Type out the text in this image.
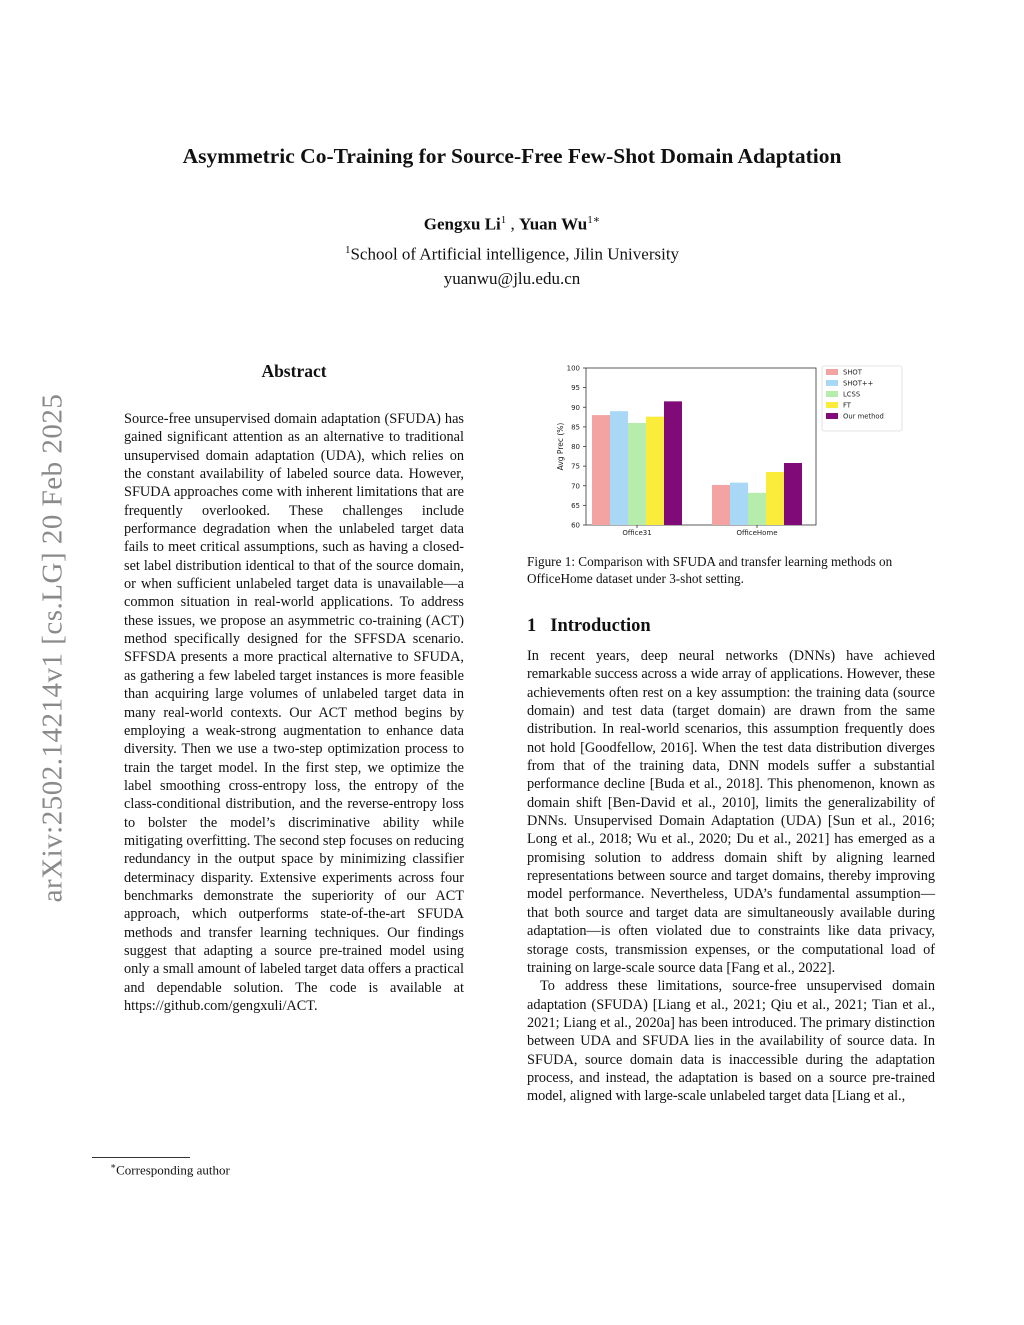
arXiv:2502.14214v1 [cs.LG] 20 Feb 2025
Asymmetric Co-Training for Source-Free Few-Shot Domain Adaptation
Gengxu Li$^1$ , Yuan $Wu^{1∗}$
$^1$School of Artificial intelligence, Jilin University
yuanwu@jlu.edu.cn
Abstract

Source-free unsupervised domain adaptation (SFUDA) has gained significant attention as an alternative to traditional unsupervised domain adaptation (UDA), which relies on the constant availability of labeled source data. However, SFUDA approaches come with inherent limitations that are frequently overlooked. These challenges include performance degradation when the unlabeled target data fails to meet critical assumptions, such as having a closed-set label distribution identical to that of the source domain, or when sufficient unlabeled target data is unavailable—a common situation in real-world applications. To address these issues, we propose an asymmetric co-training (ACT) method specifically designed for the SFFSDA scenario. SFFSDA presents a more practical alternative to SFUDA, as gathering a few labeled target instances is more feasible than acquiring large volumes of unlabeled target data in many real-world contexts. Our ACT method begins by employing a weak-strong augmentation to enhance data diversity. Then we use a two-step optimization process to train the target model. In the first step, we optimize the label smoothing cross-entropy loss, the entropy of the class-conditional distribution, and the reverse-entropy loss to bolster the model’s discriminative ability while mitigating overfitting. The second step focuses on reducing redundancy in the output space by minimizing classifier determinacy disparity. Extensive experiments across four benchmarks demonstrate the superiority of our ACT approach, which outperforms state-of-the-art SFUDA methods and transfer learning techniques. Our findings suggest that adapting a source pre-trained model using only a small amount of labeled target data offers a practical and dependable solution. The code is available at https://github.com/gengxuli/ACT.

∗Corresponding author
60
65
70
75
80
85
90
95
100
Avg Prec (%)
Office31	OfficeHome
SHOT
SHOT++
LCSS
FT
Our method

Figure 1: Comparison with SFUDA and transfer learning methods on OfficeHome dataset under 3-shot setting.

1 Introduction

In recent years, deep neural networks (DNNs) have achieved remarkable success across a wide array of applications. However, these achievements often rest on a key assumption: the training data (source domain) and test data (target domain) are drawn from the same distribution. In real-world scenarios, this assumption frequently does not hold [Goodfellow, 2016]. When the test data distribution diverges from that of the training data, DNN models suffer a substantial performance decline [Buda et al., 2018]. This phenomenon, known as domain shift [Ben-David et al., 2010], limits the generalizability of DNNs. Unsupervised Domain Adaptation (UDA) [Sun et al., 2016; Long et al., 2018; Wu et al., 2020; Du et al., 2021] has emerged as a promising solution to address domain shift by aligning learned representations between source and target domains, thereby improving model performance. Nevertheless, UDA’s fundamental assumption—that both source and target data are simultaneously available during adaptation—is often violated due to constraints like data privacy, storage costs, transmission expenses, or the computational load of training on large-scale source data [Fang et al., 2022].

To address these limitations, source-free unsupervised domain adaptation (SFUDA) [Liang et al., 2021; Qiu et al., 2021; Tian et al., 2021; Liang et al., 2020a] has been introduced. The primary distinction between UDA and SFUDA lies in the availability of source data. In SFUDA, source domain data is inaccessible during the adaptation process, and instead, the adaptation is based on a source pre-trained model, aligned with large-scale unlabeled target data [Liang et al.,
